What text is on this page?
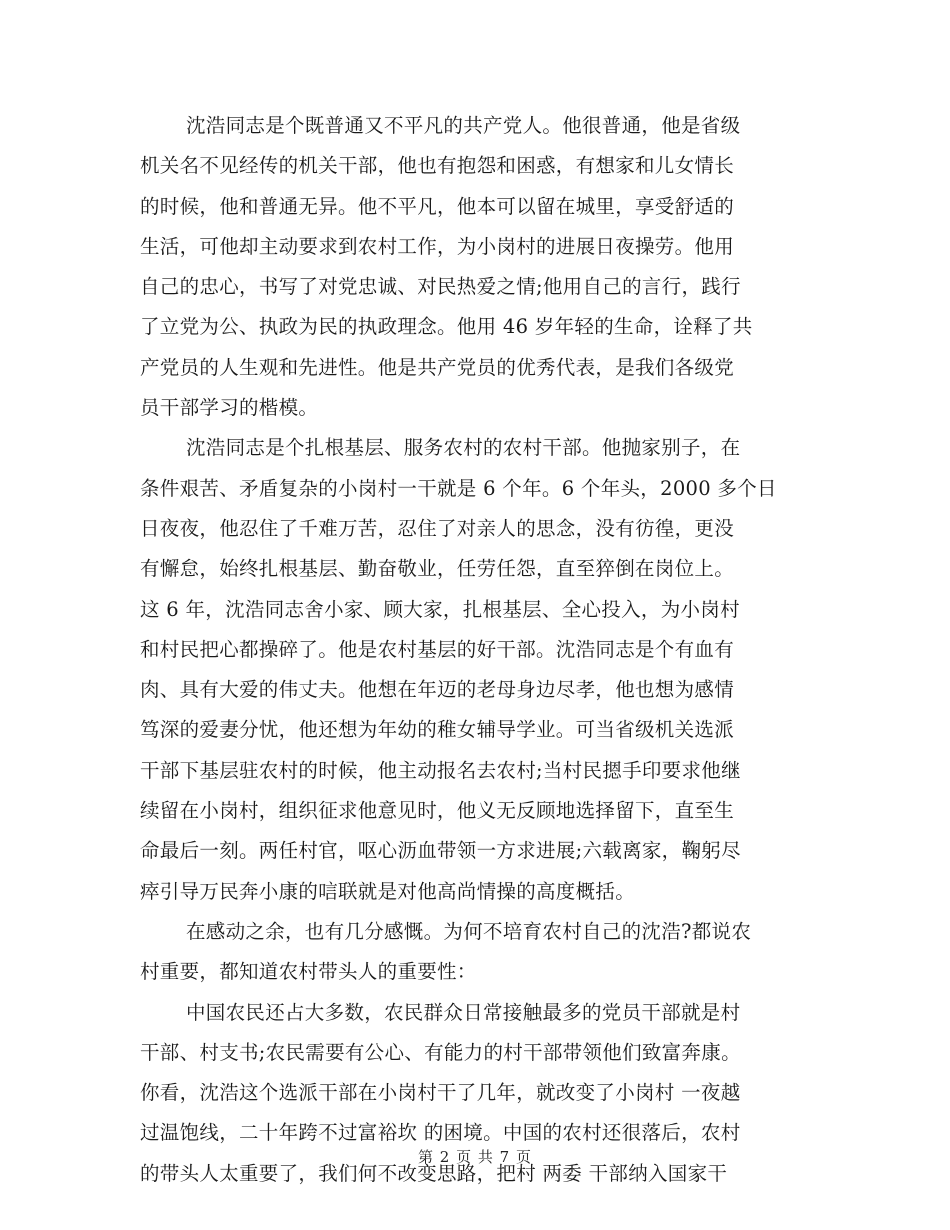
沈浩同志是个既普通又不平凡的共产党人。他很普通，他是省级
机关名不见经传的机关干部，他也有抱怨和困惑，有想家和儿女情长
的时候，他和普通无异。他不平凡，他本可以留在城里，享受舒适的
生活，可他却主动要求到农村工作，为小岗村的进展日夜操劳。他用
自己的忠心，书写了对党忠诚、对民热爱之情;他用自己的言行，践行
了立党为公、执政为民的执政理念。他用 46 岁年轻的生命，诠释了共
产党员的人生观和先进性。他是共产党员的优秀代表，是我们各级党
员干部学习的楷模。
沈浩同志是个扎根基层、服务农村的农村干部。他抛家别子，在
条件艰苦、矛盾复杂的小岗村一干就是 6 个年。6 个年头，2000 多个日
日夜夜，他忍住了千难万苦，忍住了对亲人的思念，没有彷徨，更没
有懈怠，始终扎根基层、勤奋敬业，任劳任怨，直至猝倒在岗位上。
这 6 年，沈浩同志舍小家、顾大家，扎根基层、全心投入，为小岗村
和村民把心都操碎了。他是农村基层的好干部。沈浩同志是个有血有
肉、具有大爱的伟丈夫。他想在年迈的老母身边尽孝，他也想为感情
笃深的爱妻分忧，他还想为年幼的稚女辅导学业。可当省级机关选派
干部下基层驻农村的时候，他主动报名去农村;当村民摁手印要求他继
续留在小岗村，组织征求他意见时，他义无反顾地选择留下，直至生
命最后一刻。两任村官，呕心沥血带领一方求进展;六载离家，鞠躬尽
瘁引导万民奔小康的唁联就是对他高尚情操的高度概括。
在感动之余，也有几分感慨。为何不培育农村自己的沈浩?都说农
村重要，都知道农村带头人的重要性：
中国农民还占大多数，农民群众日常接触最多的党员干部就是村
干部、村支书;农民需要有公心、有能力的村干部带领他们致富奔康。
你看，沈浩这个选派干部在小岗村干了几年，就改变了小岗村 一夜越
过温饱线，二十年跨不过富裕坎 的困境。中国的农村还很落后，农村
的带头人太重要了，我们何不改变思路，把村 两委 干部纳入国家干
第 2 页 共 7 页
